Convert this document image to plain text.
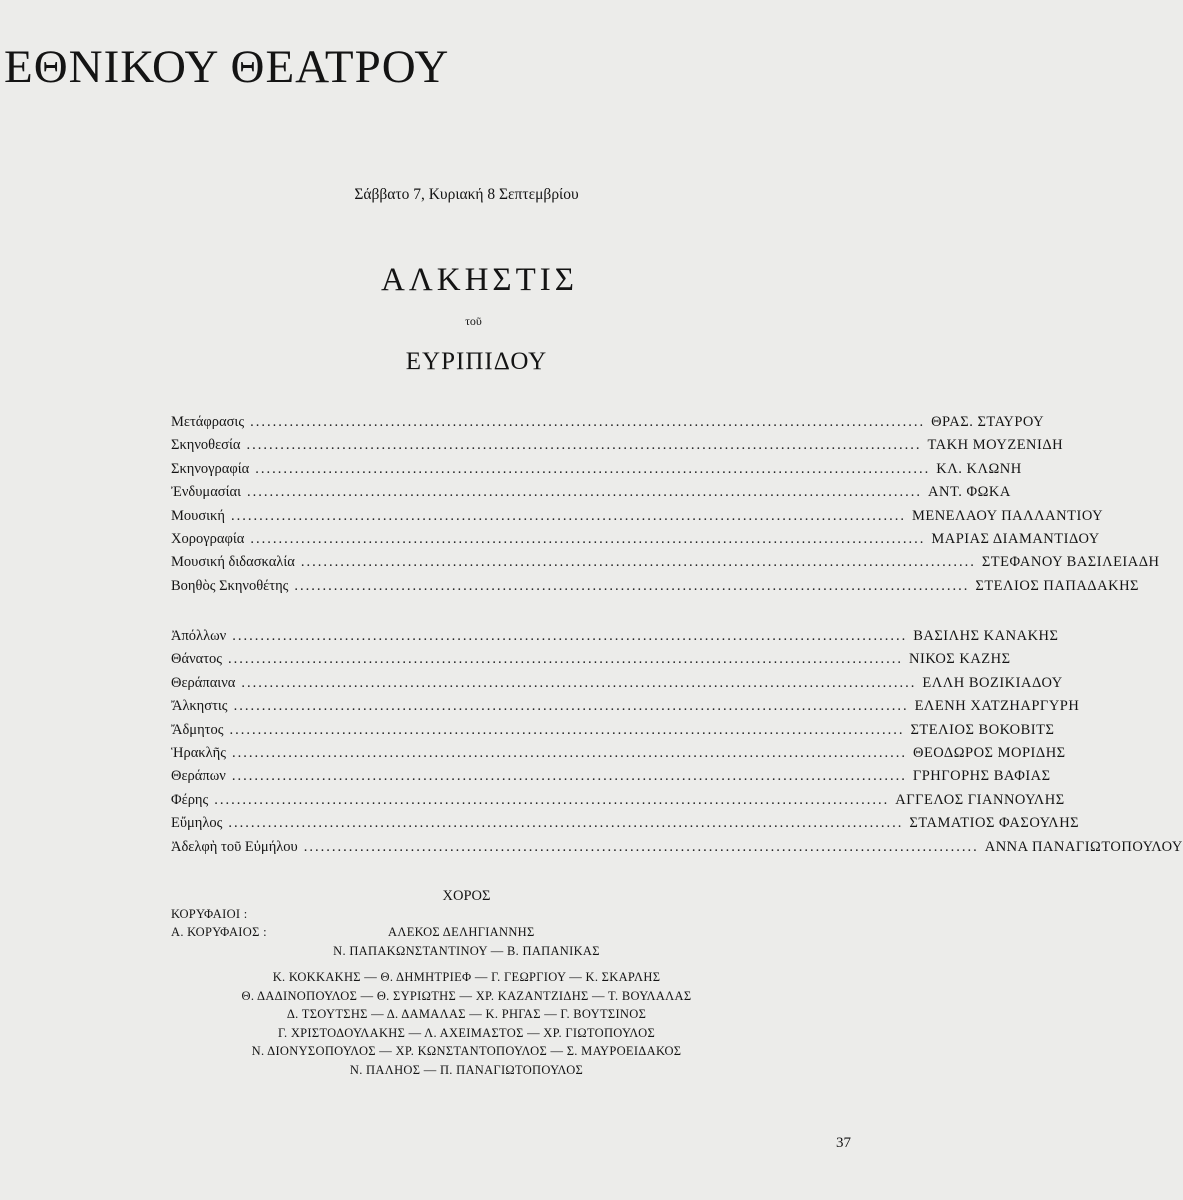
ΕΘΝΙΚΟΥ ΘΕΑΤΡΟΥ
Σάββατο 7, Κυριακή 8 Σεπτεμβρίου
ΑΛΚΗΣΤΙΣ
τοῦ
ΕΥΡΙΠΙΔΟΥ
Μετάφρασις ........................................................................................................................ ΘΡΑΣ. ΣΤΑΥΡΟΥ
Σκηνοθεσία ........................................................................................................................ ΤΑΚΗ ΜΟΥΖΕΝΙΔΗ
Σκηνογραφία ........................................................................................................................ ΚΛ. ΚΛΩΝΗ
Ἐνδυμασίαι ........................................................................................................................ ΑΝΤ. ΦΩΚΑ
Μουσική ........................................................................................................................ ΜΕΝΕΛΑΟΥ ΠΑΛΛΑΝΤΙΟΥ
Χορογραφία ........................................................................................................................ ΜΑΡΙΑΣ ΔΙΑΜΑΝΤΙΔΟΥ
Μουσική διδασκαλία ........................................................................................................................ ΣΤΕΦΑΝΟΥ ΒΑΣΙΛΕΙΑΔΗ
Βοηθὸς Σκηνοθέτης ........................................................................................................................ ΣΤΕΛΙΟΣ ΠΑΠΑΔΑΚΗΣ
Ἀπόλλων ........................................................................................................................ ΒΑΣΙΛΗΣ ΚΑΝΑΚΗΣ
Θάνατος ........................................................................................................................ ΝΙΚΟΣ ΚΑΖΗΣ
Θεράπαινα ........................................................................................................................ ΕΛΛΗ ΒΟΖΙΚΙΑΔΟΥ
Ἄλκηστις ........................................................................................................................ ΕΛΕΝΗ ΧΑΤΖΗΑΡΓΥΡΗ
Ἄδμητος ........................................................................................................................ ΣΤΕΛΙΟΣ ΒΟΚΟΒΙΤΣ
Ἡρακλῆς ........................................................................................................................ ΘΕΟΔΩΡΟΣ ΜΟΡΙΔΗΣ
Θεράπων ........................................................................................................................ ΓΡΗΓΟΡΗΣ ΒΑΦΙΑΣ
Φέρης ........................................................................................................................ ΑΓΓΕΛΟΣ ΓΙΑΝΝΟΥΛΗΣ
Εὔμηλος ........................................................................................................................ ΣΤΑΜΑΤΙΟΣ ΦΑΣΟΥΛΗΣ
Ἀδελφὴ τοῦ Εὐμήλου ........................................................................................................................ ΑΝΝΑ ΠΑΝΑΓΙΩΤΟΠΟΥΛΟΥ
ΧΟΡΟΣ
ΚΟΡΥΦΑΙΟΙ :
Α. ΚΟΡΥΦΑΙΟΣ :	ΑΛΕΚΟΣ ΔΕΛΗΓΙΑΝΝΗΣ
Ν. ΠΑΠΑΚΩΝΣΤΑΝΤΙΝΟΥ — Β. ΠΑΠΑΝΙΚΑΣ
Κ. ΚΟΚΚΑΚΗΣ — Θ. ΔΗΜΗΤΡΙΕΦ — Γ. ΓΕΩΡΓΙΟΥ — Κ. ΣΚΑΡΛΗΣ
Θ. ΔΑΔΙΝΟΠΟΥΛΟΣ — Θ. ΣΥΡΙΩΤΗΣ — ΧΡ. ΚΑΖΑΝΤΖΙΔΗΣ — Τ. ΒΟΥΛΑΛΑΣ
Δ. ΤΣΟΥΤΣΗΣ — Δ. ΔΑΜΑΛΑΣ — Κ. ΡΗΓΑΣ — Γ. ΒΟΥΤΣΙΝΟΣ
Γ. ΧΡΙΣΤΟΔΟΥΛΑΚΗΣ — Λ. ΑΧΕΙΜΑΣΤΟΣ — ΧΡ. ΓΙΩΤΟΠΟΥΛΟΣ
Ν. ΔΙΟΝΥΣΟΠΟΥΛΟΣ — ΧΡ. ΚΩΝΣΤΑΝΤΟΠΟΥΛΟΣ — Σ. ΜΑΥΡΟΕΙΔΑΚΟΣ
Ν. ΠΑΛΗΟΣ — Π. ΠΑΝΑΓΙΩΤΟΠΟΥΛΟΣ
37
